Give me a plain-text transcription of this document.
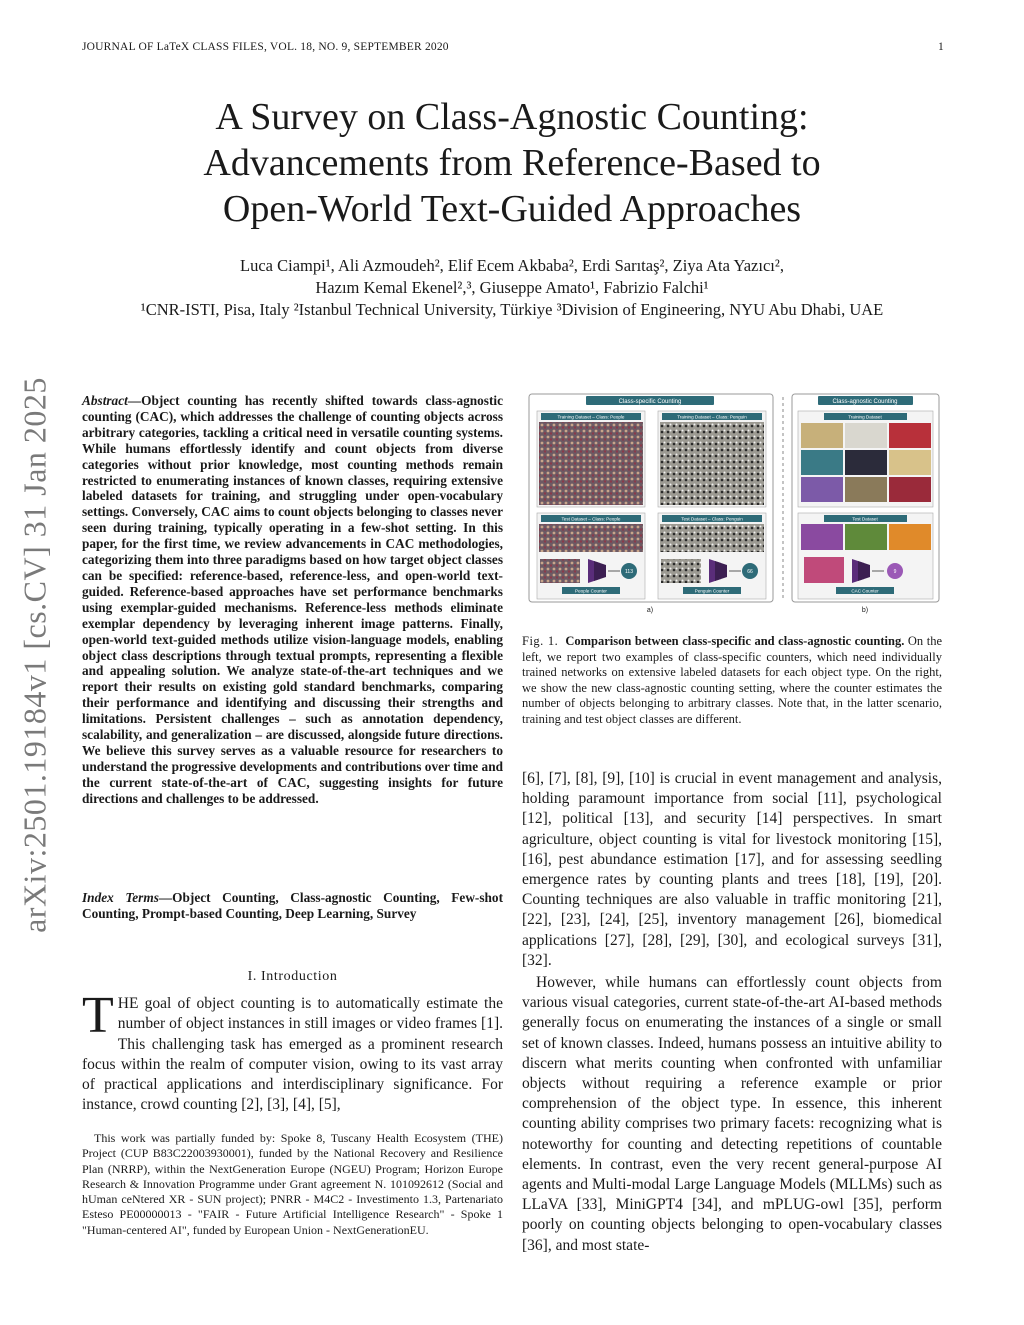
JOURNAL OF LaTeX CLASS FILES, VOL. 18, NO. 9, SEPTEMBER 2020	1
A Survey on Class-Agnostic Counting:
Advancements from Reference-Based to
Open-World Text-Guided Approaches
Luca Ciampi¹, Ali Azmoudeh², Elif Ecem Akbaba², Erdi Sarıtaş², Ziya Ata Yazıcı²,
Hazım Kemal Ekenel²,³, Giuseppe Amato¹, Fabrizio Falchi¹
¹CNR-ISTI, Pisa, Italy ²Istanbul Technical University, Türkiye ³Division of Engineering, NYU Abu Dhabi, UAE
arXiv:2501.19184v1 [cs.CV] 31 Jan 2025 Abstract—Object counting has recently shifted towards class-agnostic counting (CAC), which addresses the challenge of counting objects across arbitrary categories, tackling a critical need in versatile counting systems. While humans effortlessly identify and count objects from diverse categories without prior knowledge, most counting methods remain restricted to enumerating instances of known classes, requiring extensive labeled datasets for training, and struggling under open-vocabulary settings. Conversely, CAC aims to count objects belonging to classes never seen during training, typically operating in a few-shot setting. In this paper, for the first time, we review advancements in CAC methodologies, categorizing them into three paradigms based on how target object classes can be specified: reference-based, reference-less, and open-world text-guided. Reference-based approaches have set performance benchmarks using exemplar-guided mechanisms. Reference-less methods eliminate exemplar dependency by leveraging inherent image patterns. Finally, open-world text-guided methods utilize vision-language models, enabling object class descriptions through textual prompts, representing a flexible and appealing solution. We analyze state-of-the-art techniques and we report their results on existing gold standard benchmarks, comparing their performance and identifying and discussing their strengths and limitations. Persistent challenges – such as annotation dependency, scalability, and generalization – are discussed, alongside future directions. We believe this survey serves as a valuable resource for researchers to understand the progressive developments and contributions over time and the current state-of-the-art of CAC, suggesting insights for future directions and challenges to be addressed.
Index Terms—Object Counting, Class-agnostic Counting, Few-shot Counting, Prompt-based Counting, Deep Learning, Survey
I. Introduction
THE goal of object counting is to automatically estimate the number of object instances in still images or video frames [1]. This challenging task has emerged as a prominent research focus within the realm of computer vision, owing to its vast array of practical applications and interdisciplinary significance. For instance, crowd counting [2], [3], [4], [5],
This work was partially funded by: Spoke 8, Tuscany Health Ecosystem (THE) Project (CUP B83C22003930001), funded by the National Recovery and Resilience Plan (NRRP), within the NextGeneration Europe (NGEU) Program; Horizon Europe Research & Innovation Programme under Grant agreement N. 101092612 (Social and hUman ceNtered XR - SUN project); PNRR - M4C2 - Investimento 1.3, Partenariato Esteso PE00000013 - "FAIR - Future Artificial Intelligence Research" - Spoke 1 "Human-centered AI", funded by European Union - NextGenerationEU.
Class-specific Counting
Training Dataset – Class: People	Training Dataset – Class: Penguin
Test Dataset – Class: People
113
People Counter
Test Dataset – Class: Penguin
66
Penguin Counter
a)
Class-agnostic Counting
Training Dataset
Test Dataset
9
CAC Counter
b)
Fig. 1. Comparison between class-specific and class-agnostic counting. On the left, we report two examples of class-specific counters, which need individually trained networks on extensive labeled datasets for each object type. On the right, we show the new class-agnostic counting setting, where the counter estimates the number of objects belonging to arbitrary classes. Note that, in the latter scenario, training and test object classes are different.

[6], [7], [8], [9], [10] is crucial in event management and analysis, holding paramount importance from social [11], psychological [12], political [13], and security [14] perspectives. In smart agriculture, object counting is vital for livestock monitoring [15], [16], pest abundance estimation [17], and for assessing seedling emergence rates by counting plants and trees [18], [19], [20]. Counting techniques are also valuable in traffic monitoring [21], [22], [23], [24], [25], inventory management [26], biomedical applications [27], [28], [29], [30], and ecological surveys [31], [32].

However, while humans can effortlessly count objects from various visual categories, current state-of-the-art AI-based methods generally focus on enumerating the instances of a single or small set of known classes. Indeed, humans possess an intuitive ability to discern what merits counting when confronted with unfamiliar objects without requiring a reference example or prior comprehension of the object type. In essence, this inherent counting ability comprises two primary facets: recognizing what is noteworthy for counting and detecting repetitions of countable elements. In contrast, even the very recent general-purpose AI agents and Multi-modal Large Language Models (MLLMs) such as LLaVA [33], MiniGPT4 [34], and mPLUG-owl [35], perform poorly on counting objects belonging to open-vocabulary classes [36], and most state-
